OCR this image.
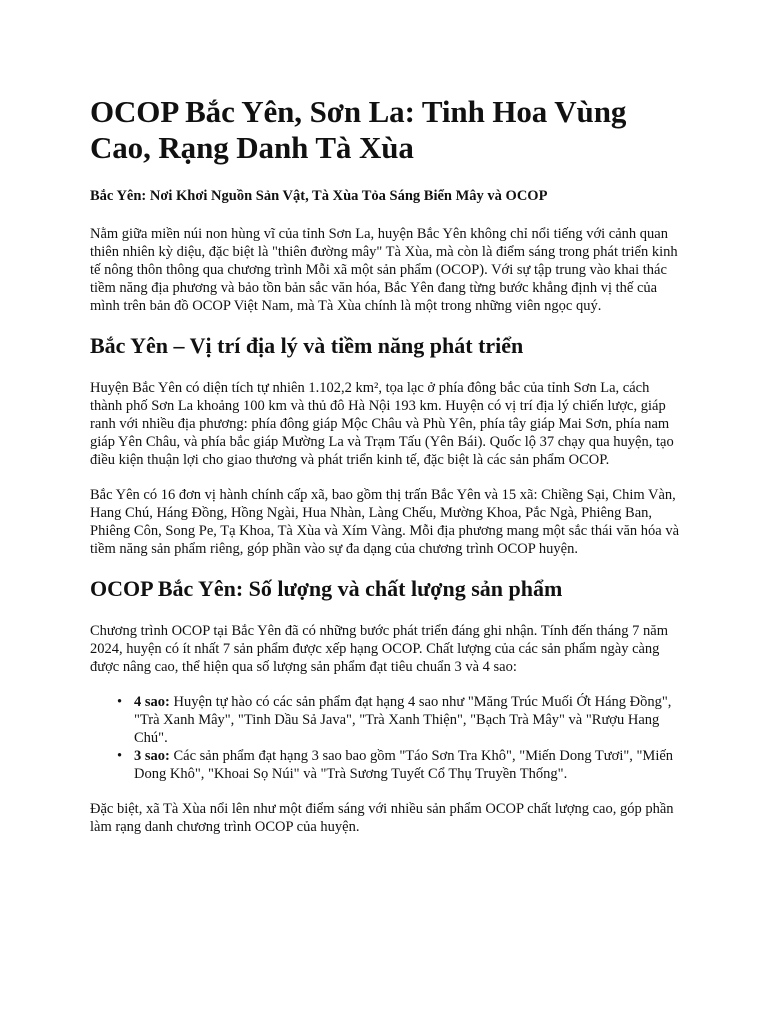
OCOP Bắc Yên, Sơn La: Tinh Hoa Vùng Cao, Rạng Danh Tà Xùa
Bắc Yên: Nơi Khơi Nguồn Sản Vật, Tà Xùa Tỏa Sáng Biển Mây và OCOP

Nằm giữa miền núi non hùng vĩ của tỉnh Sơn La, huyện Bắc Yên không chỉ nổi tiếng với cảnh quan thiên nhiên kỳ diệu, đặc biệt là "thiên đường mây" Tà Xùa, mà còn là điểm sáng trong phát triển kinh tế nông thôn thông qua chương trình Mỗi xã một sản phẩm (OCOP). Với sự tập trung vào khai thác tiềm năng địa phương và bảo tồn bản sắc văn hóa, Bắc Yên đang từng bước khẳng định vị thế của mình trên bản đồ OCOP Việt Nam, mà Tà Xùa chính là một trong những viên ngọc quý.

Bắc Yên – Vị trí địa lý và tiềm năng phát triển

Huyện Bắc Yên có diện tích tự nhiên 1.102,2 km², tọa lạc ở phía đông bắc của tỉnh Sơn La, cách thành phố Sơn La khoảng 100 km và thủ đô Hà Nội 193 km. Huyện có vị trí địa lý chiến lược, giáp ranh với nhiều địa phương: phía đông giáp Mộc Châu và Phù Yên, phía tây giáp Mai Sơn, phía nam giáp Yên Châu, và phía bắc giáp Mường La và Trạm Tấu (Yên Bái). Quốc lộ 37 chạy qua huyện, tạo điều kiện thuận lợi cho giao thương và phát triển kinh tế, đặc biệt là các sản phẩm OCOP.

Bắc Yên có 16 đơn vị hành chính cấp xã, bao gồm thị trấn Bắc Yên và 15 xã: Chiềng Sại, Chim Vàn, Hang Chú, Háng Đồng, Hồng Ngài, Hua Nhàn, Làng Chếu, Mường Khoa, Pắc Ngà, Phiêng Ban, Phiêng Côn, Song Pe, Tạ Khoa, Tà Xùa và Xím Vàng. Mỗi địa phương mang một sắc thái văn hóa và tiềm năng sản phẩm riêng, góp phần vào sự đa dạng của chương trình OCOP huyện.

OCOP Bắc Yên: Số lượng và chất lượng sản phẩm

Chương trình OCOP tại Bắc Yên đã có những bước phát triển đáng ghi nhận. Tính đến tháng 7 năm 2024, huyện có ít nhất 7 sản phẩm được xếp hạng OCOP. Chất lượng của các sản phẩm ngày càng được nâng cao, thể hiện qua số lượng sản phẩm đạt tiêu chuẩn 3 và 4 sao:

• 4 sao: Huyện tự hào có các sản phẩm đạt hạng 4 sao như "Măng Trúc Muối Ớt Háng Đồng", "Trà Xanh Mây", "Tinh Dầu Sả Java", "Trà Xanh Thiện", "Bạch Trà Mây" và "Rượu Hang Chú".
• 3 sao: Các sản phẩm đạt hạng 3 sao bao gồm "Táo Sơn Tra Khô", "Miến Dong Tươi", "Miến Dong Khô", "Khoai Sọ Núi" và "Trà Sương Tuyết Cổ Thụ Truyền Thống".

Đặc biệt, xã Tà Xùa nổi lên như một điểm sáng với nhiều sản phẩm OCOP chất lượng cao, góp phần làm rạng danh chương trình OCOP của huyện.
